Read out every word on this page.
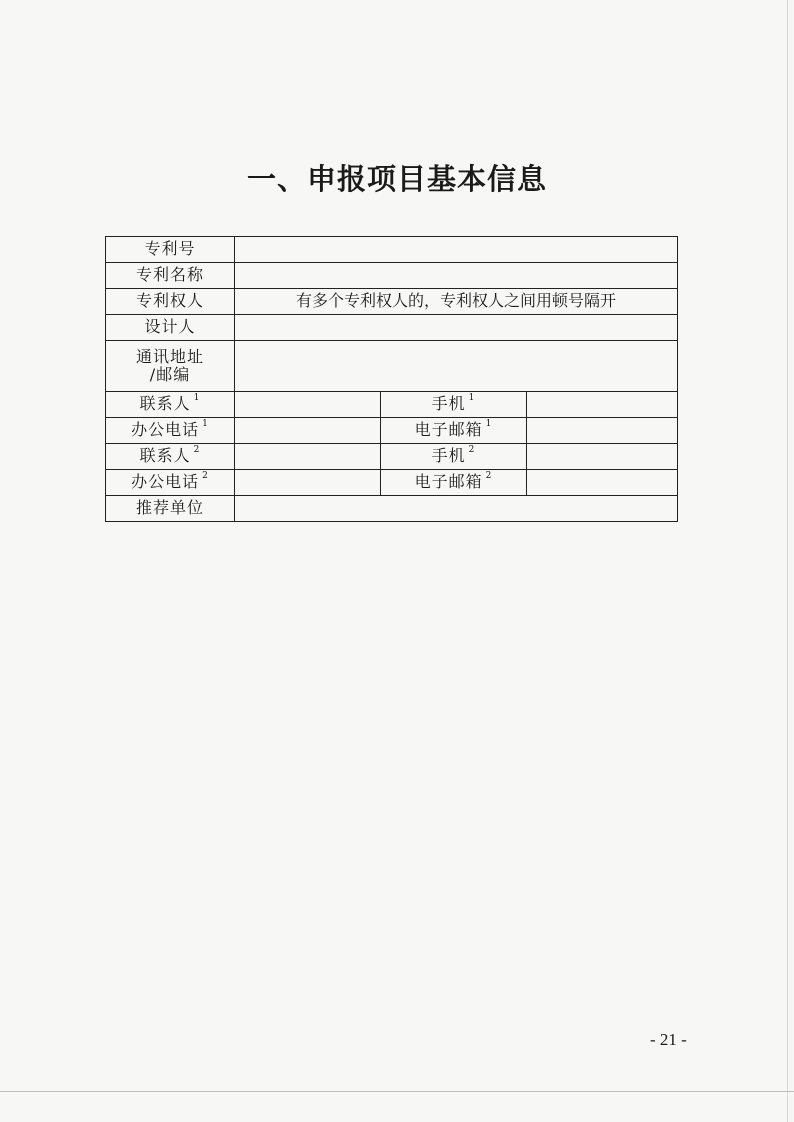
一、申报项目基本信息
专利号			
专利名称			
专利权人	有多个专利权人的，专利权人之间用顿号隔开		
设计人			

通讯地址
/邮编			

联系人 $^1$		手机 $^1$	
办公电话 $^1$		电子邮箱 $^1$	
联系人 $^2$		手机 $^2$	
办公电话 $^2$		电子邮箱 $^2$	
推荐单位			
- 21 -
